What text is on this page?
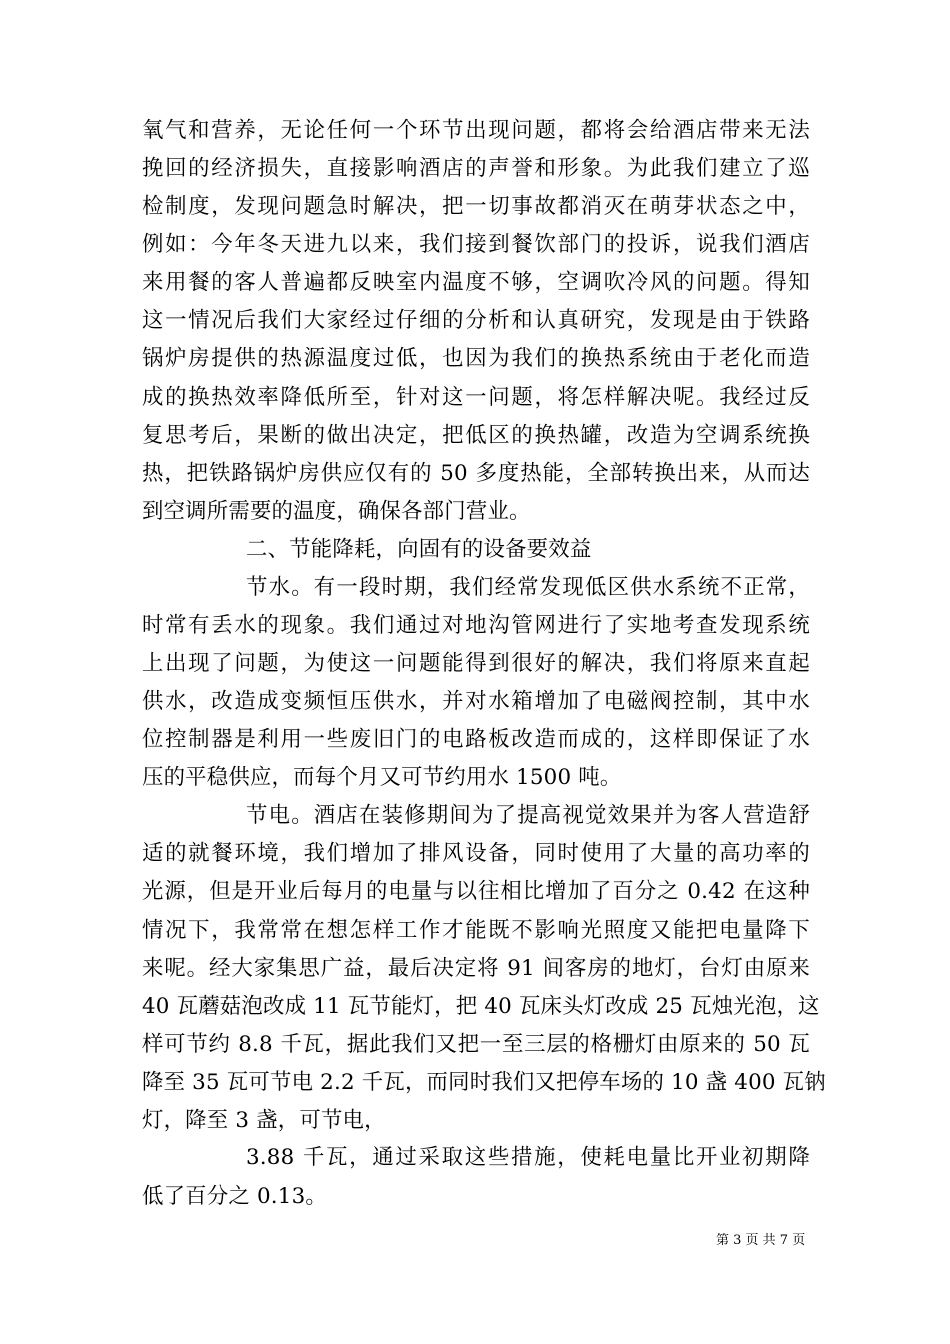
氧气和营养，无论任何一个环节出现问题，都将会给酒店带来无法
挽回的经济损失，直接影响酒店的声誉和形象。为此我们建立了巡
检制度，发现问题急时解决，把一切事故都消灭在萌芽状态之中，
例如：今年冬天进九以来，我们接到餐饮部门的投诉，说我们酒店
来用餐的客人普遍都反映室内温度不够，空调吹冷风的问题。得知
这一情况后我们大家经过仔细的分析和认真研究，发现是由于铁路
锅炉房提供的热源温度过低，也因为我们的换热系统由于老化而造
成的换热效率降低所至，针对这一问题，将怎样解决呢。我经过反
复思考后，果断的做出决定，把低区的换热罐，改造为空调系统换
热，把铁路锅炉房供应仅有的 50 多度热能，全部转换出来，从而达
到空调所需要的温度，确保各部门营业。
二、节能降耗，向固有的设备要效益
节水。有一段时期，我们经常发现低区供水系统不正常，
时常有丢水的现象。我们通过对地沟管网进行了实地考查发现系统
上出现了问题，为使这一问题能得到很好的解决，我们将原来直起
供水，改造成变频恒压供水，并对水箱增加了电磁阀控制，其中水
位控制器是利用一些废旧门的电路板改造而成的，这样即保证了水
压的平稳供应，而每个月又可节约用水 1500 吨。
节电。酒店在装修期间为了提高视觉效果并为客人营造舒
适的就餐环境，我们增加了排风设备，同时使用了大量的高功率的
光源，但是开业后每月的电量与以往相比增加了百分之 0.42 在这种
情况下，我常常在想怎样工作才能既不影响光照度又能把电量降下
来呢。经大家集思广益，最后决定将 91 间客房的地灯，台灯由原来
40 瓦蘑菇泡改成 11 瓦节能灯，把 40 瓦床头灯改成 25 瓦烛光泡，这
样可节约 8.8 千瓦，据此我们又把一至三层的格栅灯由原来的 50 瓦
降至 35 瓦可节电 2.2 千瓦，而同时我们又把停车场的 10 盏 400 瓦钠
灯，降至 3 盏，可节电，
3.88 千瓦，通过采取这些措施，使耗电量比开业初期降
低了百分之 0.13。
第 3 页 共 7 页
